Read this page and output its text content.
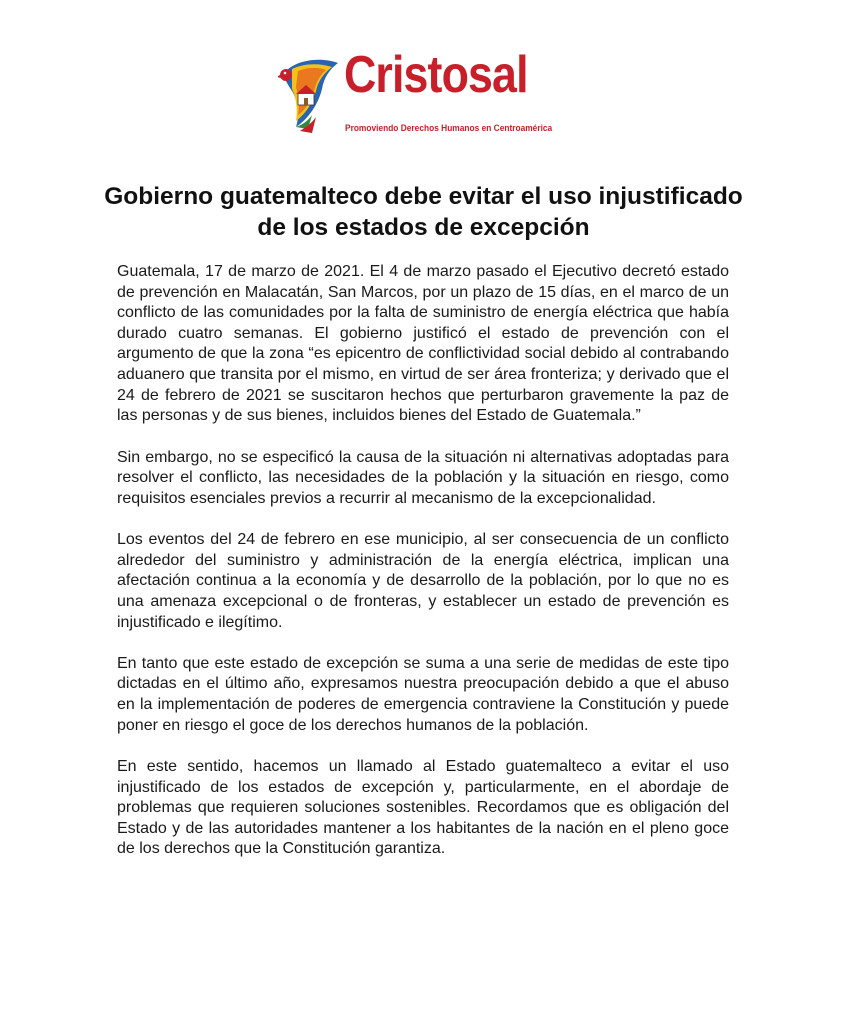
Cristosal
Promoviendo Derechos Humanos en Centroamérica
Gobierno guatemalteco debe evitar el uso injustificado de los estados de excepción

Guatemala, 17 de marzo de 2021. El 4 de marzo pasado el Ejecutivo decretó estado de prevención en Malacatán, San Marcos, por un plazo de 15 días, en el marco de un conflicto de las comunidades por la falta de suministro de energía eléctrica que había durado cuatro semanas. El gobierno justificó el estado de prevención con el argumento de que la zona “es epicentro de conflictividad social debido al contrabando aduanero que transita por el mismo, en virtud de ser área fronteriza; y derivado que el 24 de febrero de 2021 se suscitaron hechos que perturbaron gravemente la paz de las personas y de sus bienes, incluidos bienes del Estado de Guatemala.”

Sin embargo, no se especificó la causa de la situación ni alternativas adoptadas para resolver el conflicto, las necesidades de la población y la situación en riesgo, como requisitos esenciales previos a recurrir al mecanismo de la excepcionalidad.

Los eventos del 24 de febrero en ese municipio, al ser consecuencia de un conflicto alrededor del suministro y administración de la energía eléctrica, implican una afectación continua a la economía y de desarrollo de la población, por lo que no es una amenaza excepcional o de fronteras, y establecer un estado de prevención es injustificado e ilegítimo.

En tanto que este estado de excepción se suma a una serie de medidas de este tipo dictadas en el último año, expresamos nuestra preocupación debido a que el abuso en la implementación de poderes de emergencia contraviene la Constitución y puede poner en riesgo el goce de los derechos humanos de la población.

En este sentido, hacemos un llamado al Estado guatemalteco a evitar el uso injustificado de los estados de excepción y, particularmente, en el abordaje de problemas que requieren soluciones sostenibles. Recordamos que es obligación del Estado y de las autoridades mantener a los habitantes de la nación en el pleno goce de los derechos que la Constitución garantiza.
